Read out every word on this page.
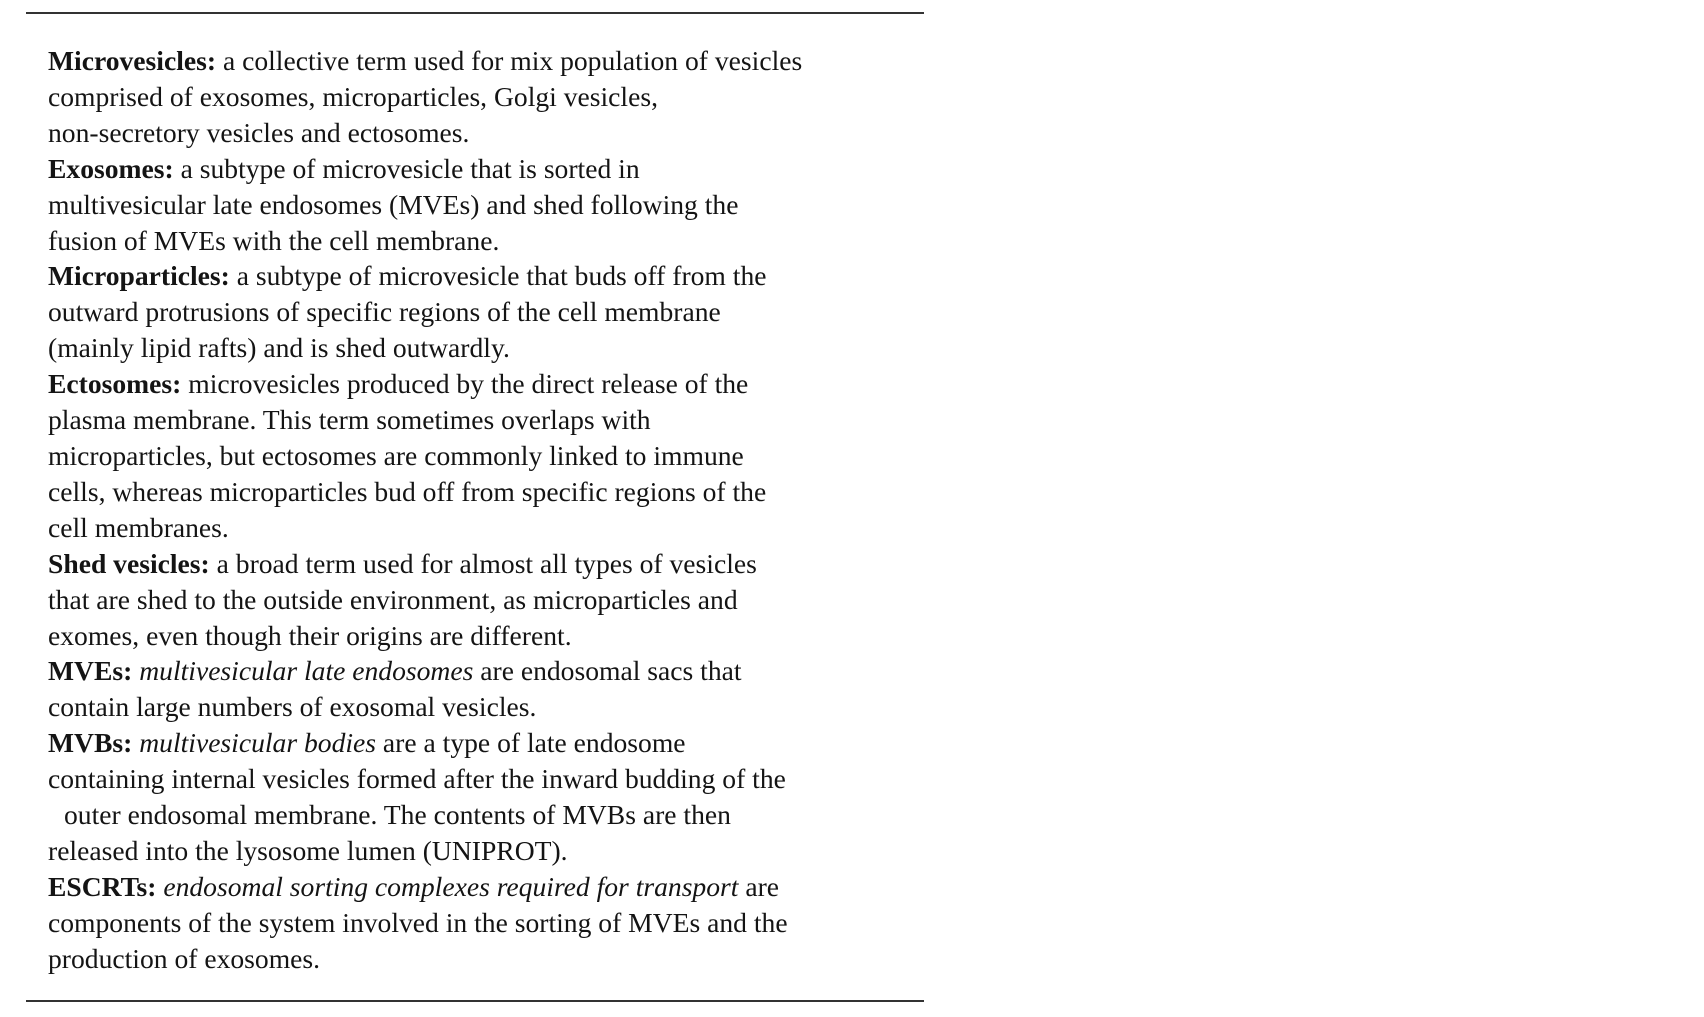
Microvesicles: a collective term used for mix population of vesicles
comprised of exosomes, microparticles, Golgi vesicles,
non-secretory vesicles and ectosomes.

Exosomes: a subtype of microvesicle that is sorted in
multivesicular late endosomes (MVEs) and shed following the
fusion of MVEs with the cell membrane.

Microparticles: a subtype of microvesicle that buds off from the
outward protrusions of specific regions of the cell membrane
(mainly lipid rafts) and is shed outwardly.

Ectosomes: microvesicles produced by the direct release of the
plasma membrane. This term sometimes overlaps with
microparticles, but ectosomes are commonly linked to immune
cells, whereas microparticles bud off from specific regions of the
cell membranes.

Shed vesicles: a broad term used for almost all types of vesicles
that are shed to the outside environment, as microparticles and
exomes, even though their origins are different.

MVEs: multivesicular late endosomes are endosomal sacs that
contain large numbers of exosomal vesicles.

MVBs: multivesicular bodies are a type of late endosome
containing internal vesicles formed after the inward budding of the
outer endosomal membrane. The contents of MVBs are then
released into the lysosome lumen (UNIPROT).

ESCRTs: endosomal sorting complexes required for transport are
components of the system involved in the sorting of MVEs and the
production of exosomes.
